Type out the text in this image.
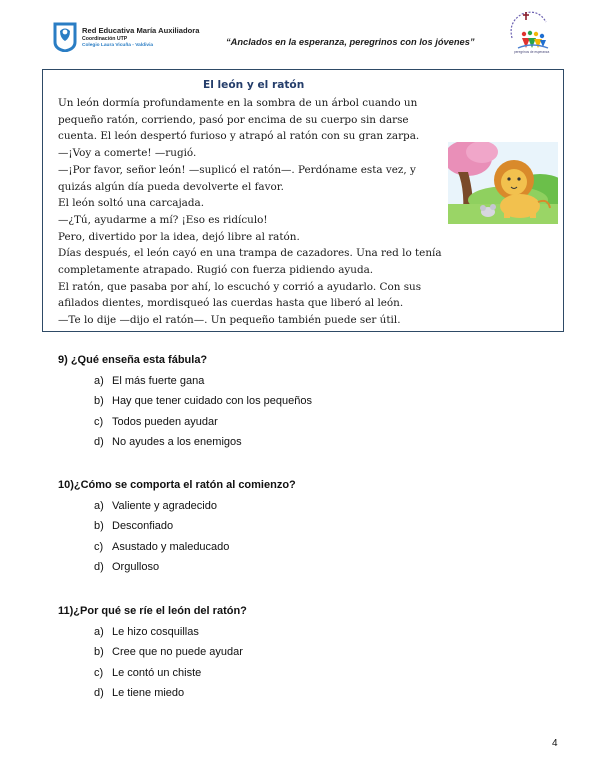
Red Educativa María Auxiliadora
Coordinación UTP
Colegio Laura Vicuña - Valdivia	“Anclados en la esperanza, peregrinos con los jóvenes”
peregrinos de esperanza
El león y el ratón
Un león dormía profundamente en la sombra de un árbol cuando un
pequeño ratón, corriendo, pasó por encima de su cuerpo sin darse
cuenta. El león despertó furioso y atrapó al ratón con su gran zarpa.
—¡Voy a comerte! —rugió.
—¡Por favor, señor león! —suplicó el ratón—. Perdóname esta vez, y
quizás algún día pueda devolverte el favor.
El león soltó una carcajada.
—¿Tú, ayudarme a mí? ¡Eso es ridículo!
Pero, divertido por la idea, dejó libre al ratón.
Días después, el león cayó en una trampa de cazadores. Una red lo tenía
completamente atrapado. Rugió con fuerza pidiendo ayuda.
El ratón, que pasaba por ahí, lo escuchó y corrió a ayudarlo. Con sus
afilados dientes, mordisqueó las cuerdas hasta que liberó al león.
—Te lo dije —dijo el ratón—. Un pequeño también puede ser útil.
9) ¿Qué enseña esta fábula?
a) El más fuerte gana
b) Hay que tener cuidado con los pequeños
c) Todos pueden ayudar
d) No ayudes a los enemigos
10)¿Cómo se comporta el ratón al comienzo?
a) Valiente y agradecido
b) Desconfiado
c) Asustado y maleducado
d) Orgulloso
11)¿Por qué se ríe el león del ratón?
a) Le hizo cosquillas
b) Cree que no puede ayudar
c) Le contó un chiste
d) Le tiene miedo
4
